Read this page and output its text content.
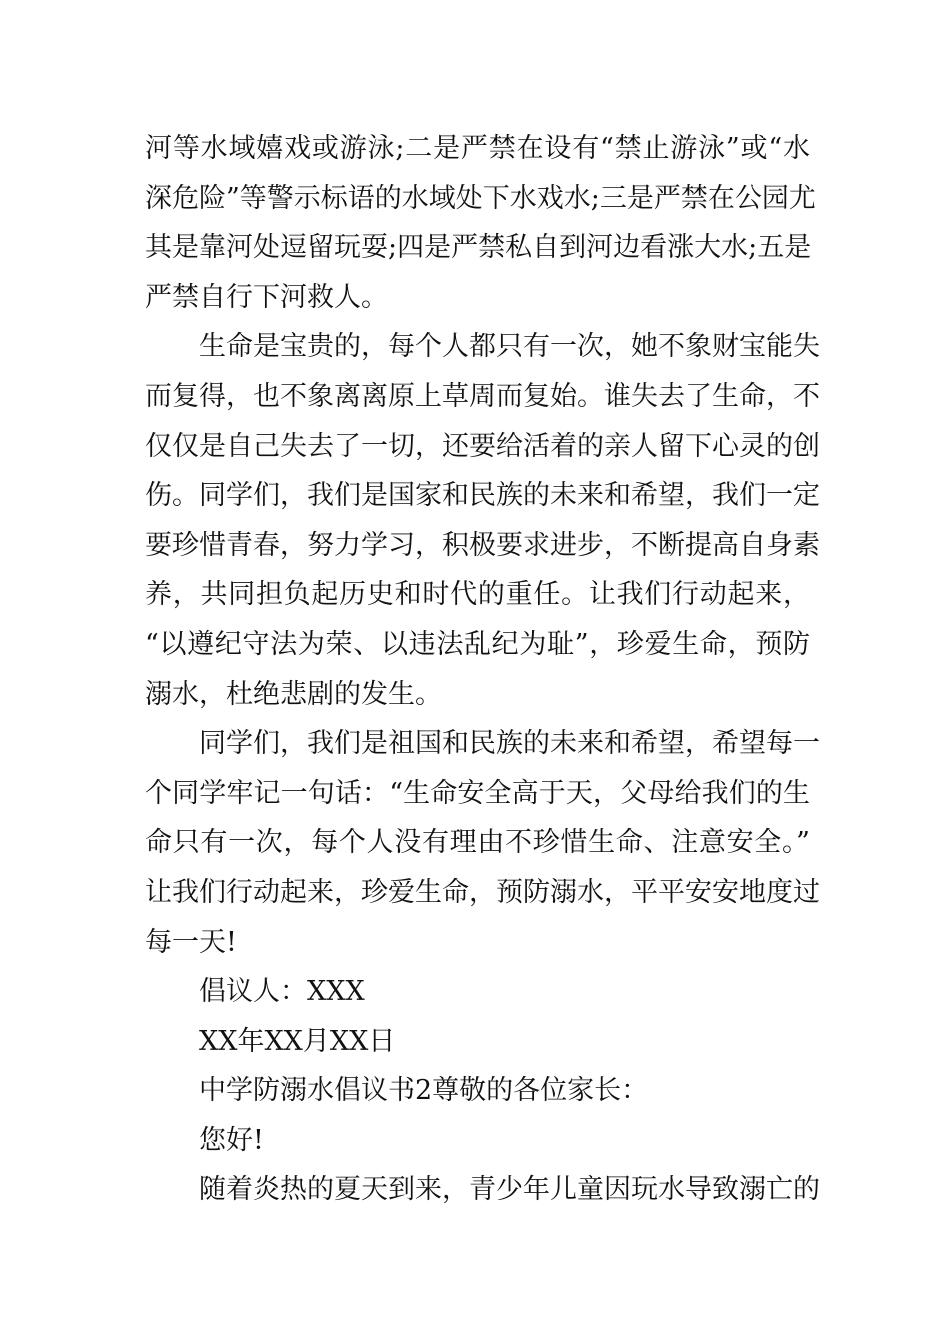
河等水域嬉戏或游泳;二是严禁在设有“禁止游泳”或“水
深危险”等警示标语的水域处下水戏水;三是严禁在公园尤
其是靠河处逗留玩耍;四是严禁私自到河边看涨大水;五是
严禁自行下河救人。
生命是宝贵的，每个人都只有一次，她不象财宝能失
而复得，也不象离离原上草周而复始。谁失去了生命，不
仅仅是自己失去了一切，还要给活着的亲人留下心灵的创
伤。同学们，我们是国家和民族的未来和希望，我们一定
要珍惜青春，努力学习，积极要求进步，不断提高自身素
养，共同担负起历史和时代的重任。让我们行动起来，
“以遵纪守法为荣、以违法乱纪为耻”，珍爱生命，预防
溺水，杜绝悲剧的发生。
同学们，我们是祖国和民族的未来和希望，希望每一
个同学牢记一句话：“生命安全高于天，父母给我们的生
命只有一次，每个人没有理由不珍惜生命、注意安全。”
让我们行动起来，珍爱生命，预防溺水，平平安安地度过
每一天!
倡议人：XXX
XX年XX月XX日
中学防溺水倡议书2尊敬的各位家长：
您好!
随着炎热的夏天到来，青少年儿童因玩水导致溺亡的
